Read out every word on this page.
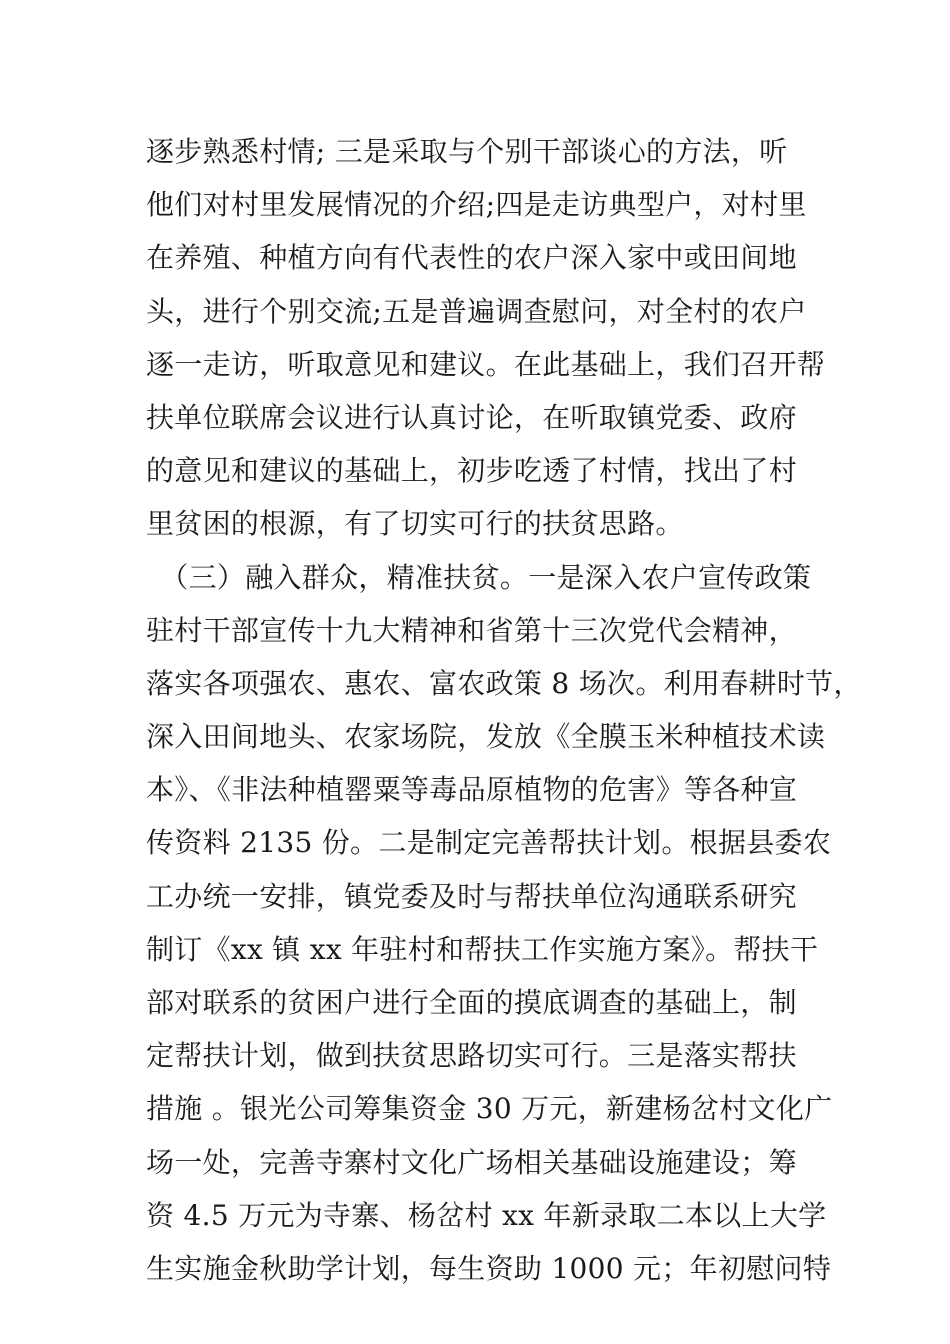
逐步熟悉村情; 三是采取与个别干部谈心的方法，听
他们对村里发展情况的介绍;四是走访典型户，对村里
在养殖、种植方向有代表性的农户深入家中或田间地
头，进行个别交流;五是普遍调查慰问，对全村的农户
逐一走访，听取意见和建议。在此基础上，我们召开帮
扶单位联席会议进行认真讨论，在听取镇党委、政府
的意见和建议的基础上，初步吃透了村情，找出了村
里贫困的根源，有了切实可行的扶贫思路。
　（三）融入群众，精准扶贫。一是深入农户宣传政策
驻村干部宣传十九大精神和省第十三次党代会精神，
落实各项强农、惠农、富农政策 8 场次。利用春耕时节，
深入田间地头、农家场院，发放《全膜玉米种植技术读
本》、《非法种植罂粟等毒品原植物的危害》等各种宣
传资料 2135 份。二是制定完善帮扶计划。根据县委农
工办统一安排，镇党委及时与帮扶单位沟通联系研究
制订《xx 镇 xx 年驻村和帮扶工作实施方案》。帮扶干
部对联系的贫困户进行全面的摸底调查的基础上，制
定帮扶计划，做到扶贫思路切实可行。三是落实帮扶
措施 。银光公司筹集资金 30 万元，新建杨岔村文化广
场一处，完善寺寨村文化广场相关基础设施建设；筹
资 4.5 万元为寺寨、杨岔村 xx 年新录取二本以上大学
生实施金秋助学计划，每生资助 1000 元；年初慰问特
